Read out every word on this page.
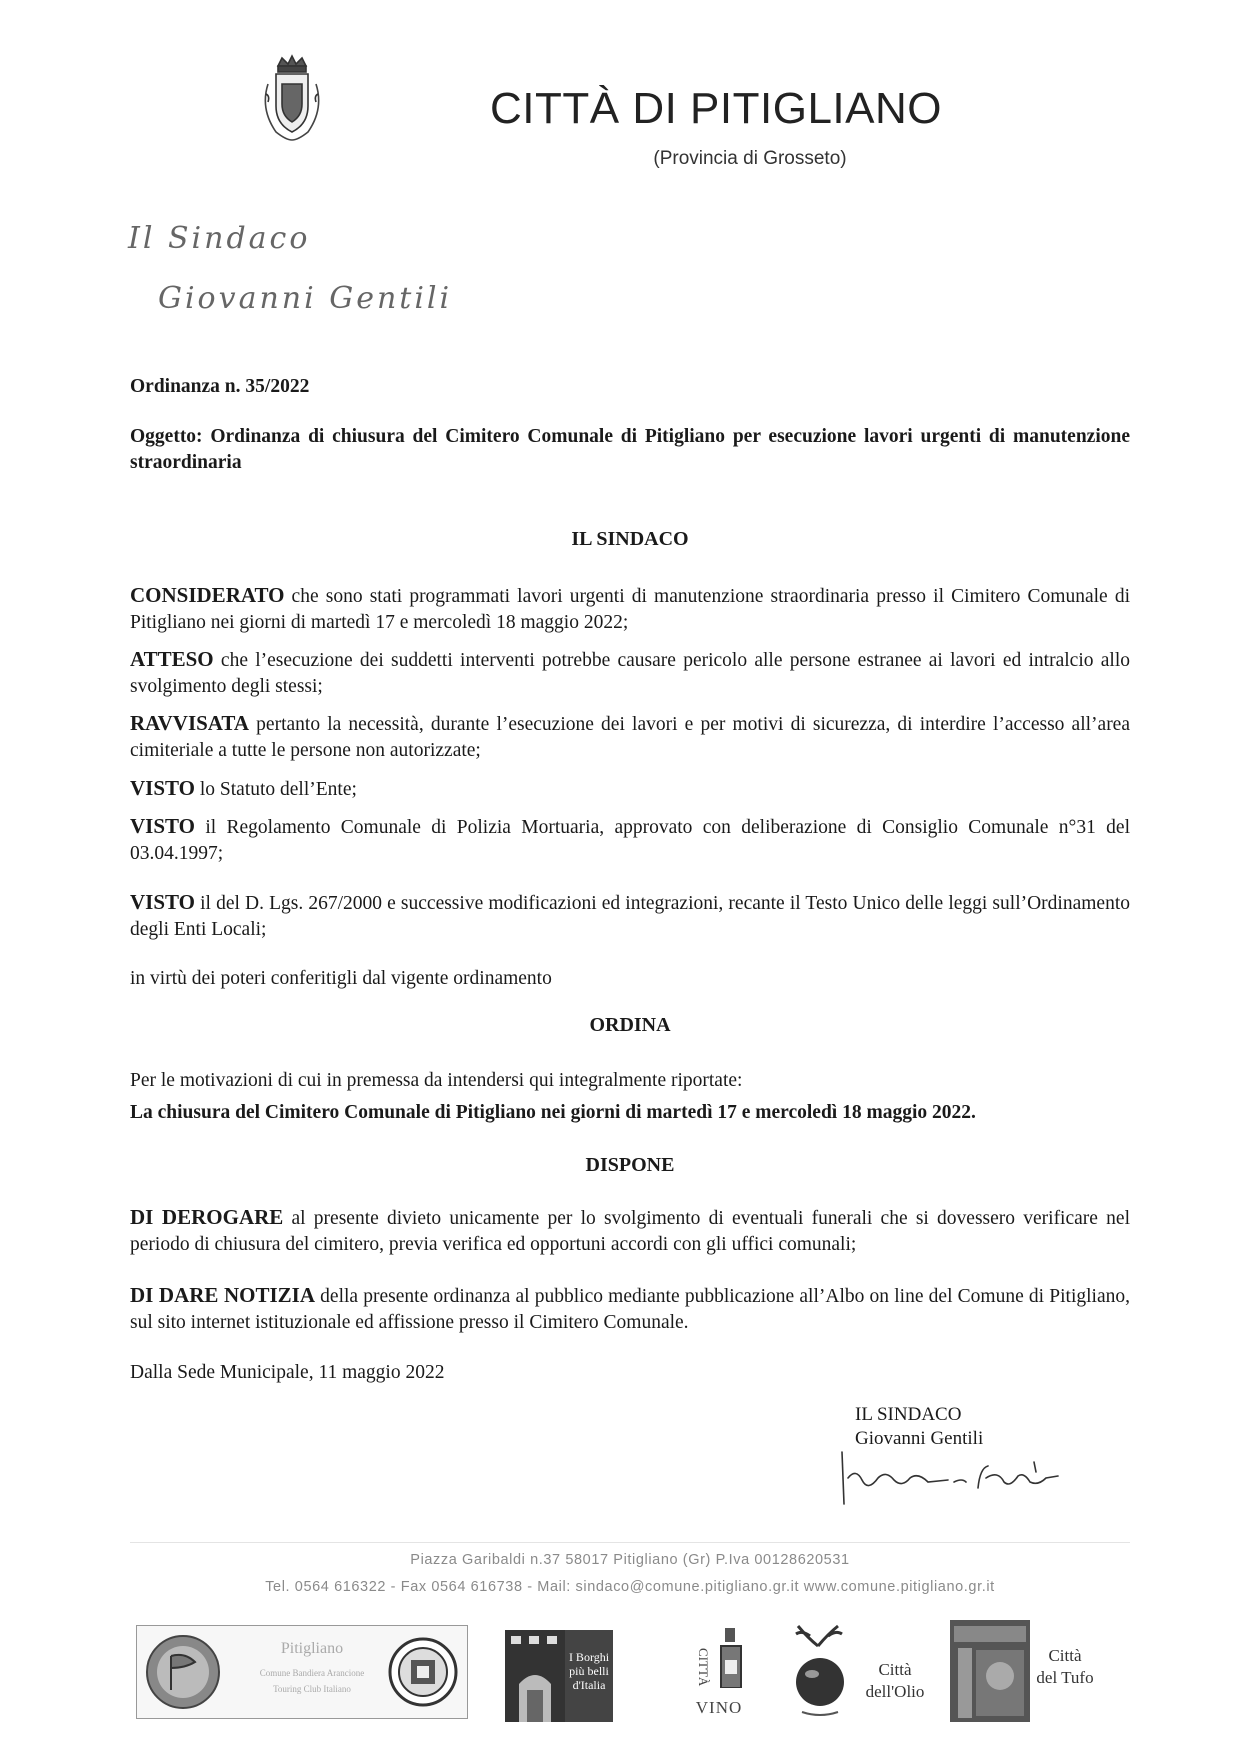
CITTÀ DI PITIGLIANO
(Provincia di Grosseto)
Il Sindaco
Giovanni Gentili
Ordinanza n. 35/2022
Oggetto: Ordinanza di chiusura del Cimitero Comunale di Pitigliano per esecuzione lavori urgenti di manutenzione straordinaria
IL SINDACO
CONSIDERATO che sono stati programmati lavori urgenti di manutenzione straordinaria presso il Cimitero Comunale di Pitigliano nei giorni di martedì 17 e mercoledì 18 maggio 2022;
ATTESO che l’esecuzione dei suddetti interventi potrebbe causare pericolo alle persone estranee ai lavori ed intralcio allo svolgimento degli stessi;
RAVVISATA pertanto la necessità, durante l’esecuzione dei lavori e per motivi di sicurezza, di interdire l’accesso all’area cimiteriale a tutte le persone non autorizzate;
VISTO lo Statuto dell’Ente;
VISTO il Regolamento Comunale di Polizia Mortuaria, approvato con deliberazione di Consiglio Comunale n°31 del 03.04.1997;
VISTO il del D. Lgs. 267/2000 e successive modificazioni ed integrazioni, recante il Testo Unico delle leggi sull’Ordinamento degli Enti Locali;
in virtù dei poteri conferitigli dal vigente ordinamento
ORDINA
Per le motivazioni di cui in premessa da intendersi qui integralmente riportate:
La chiusura del Cimitero Comunale di Pitigliano nei giorni di martedì 17 e mercoledì 18 maggio 2022.
DISPONE
DI DEROGARE al presente divieto unicamente per lo svolgimento di eventuali funerali che si dovessero verificare nel periodo di chiusura del cimitero, previa verifica ed opportuni accordi con gli uffici comunali;
DI DARE NOTIZIA della presente ordinanza al pubblico mediante pubblicazione all’Albo on line del Comune di Pitigliano, sul sito internet istituzionale ed affissione presso il Cimitero Comunale.
Dalla Sede Municipale, 11 maggio 2022
IL SINDACO
Giovanni Gentili
Piazza Garibaldi n.37 58017 Pitigliano (Gr) P.Iva 00128620531
Tel. 0564 616322 - Fax 0564 616738 - Mail: sindaco@comune.pitigliano.gr.it www.comune.pitigliano.gr.it
Pitigliano
Comune Bandiera Arancione
Touring Club Italiano
I Borghi
più belli
d'Italia	CITTÀ
VINO
Città
dell'Olio
Città
del Tufo
